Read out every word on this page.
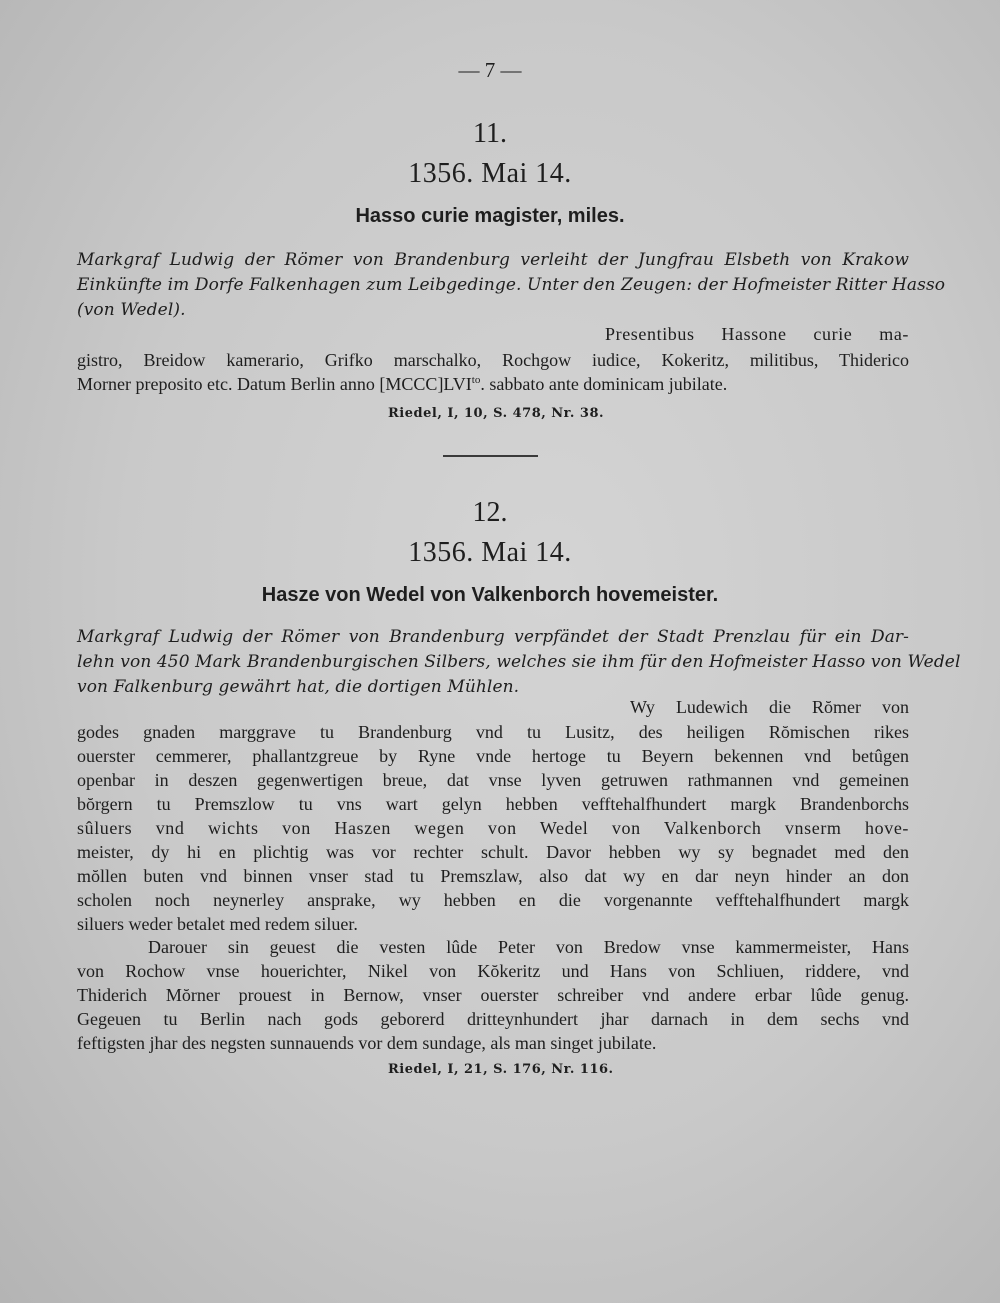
— 7 —
11.
1356. Mai 14.
Hasso curie magister, miles.
Markgraf Ludwig der Römer von Brandenburg verleiht der Jungfrau Elsbeth von Krakow
Einkünfte im Dorfe Falkenhagen zum Leibgedinge. Unter den Zeugen: der Hofmeister Ritter Hasso
(von Wedel).
Presentibus Hassone curie ma-
gistro, Breidow kamerario, Grifko marschalko, Rochgow iudice, Kokeritz, militibus, Thiderico
Morner preposito etc. Datum Berlin anno $[MCCC]LVI^{to}$. sabbato ante dominicam jubilate.
Riedel, I, 10, S. 478, Nr. 38.
12.
1356. Mai 14.
Hasze von Wedel von Valkenborch hovemeister.
Markgraf Ludwig der Römer von Brandenburg verpfändet der Stadt Prenzlau für ein Dar-
lehn von 450 Mark Brandenburgischen Silbers, welches sie ihm für den Hofmeister Hasso von Wedel
von Falkenburg gewährt hat, die dortigen Mühlen.
Wy Ludewich die Rŏmer von
godes gnaden marggrave tu Brandenburg vnd tu Lusitz, des heiligen Rŏmischen rikes
ouerster cemmerer, phallantzgreue by Ryne vnde hertoge tu Beyern bekennen vnd betûgen
openbar in deszen gegenwertigen breue, dat vnse lyven getruwen rathmannen vnd gemeinen
bŏrgern tu Premszlow tu vns wart gelyn hebben vefftehalfhundert margk Brandenborchs
sûluers vnd wichts von Haszen wegen von Wedel von Valkenborch vnserm hove-
meister, dy hi en plichtig was vor rechter schult. Davor hebben wy sy begnadet med den
mŏllen buten vnd binnen vnser stad tu Premszlaw, also dat wy en dar neyn hinder an don
scholen noch neynerley ansprake, wy hebben en die vorgenannte vefftehalfhundert margk
siluers weder betalet med redem siluer.
Darouer sin geuest die vesten lûde Peter von Bredow vnse kammermeister, Hans
von Rochow vnse houerichter, Nikel von Kŏkeritz und Hans von Schliuen, riddere, vnd
Thiderich Mŏrner prouest in Bernow, vnser ouerster schreiber vnd andere erbar lûde genug.
Gegeuen tu Berlin nach gods geborerd dritteynhundert jhar darnach in dem sechs vnd
feftigsten jhar des negsten sunnauends vor dem sundage, als man singet jubilate.
Riedel, I, 21, S. 176, Nr. 116.
